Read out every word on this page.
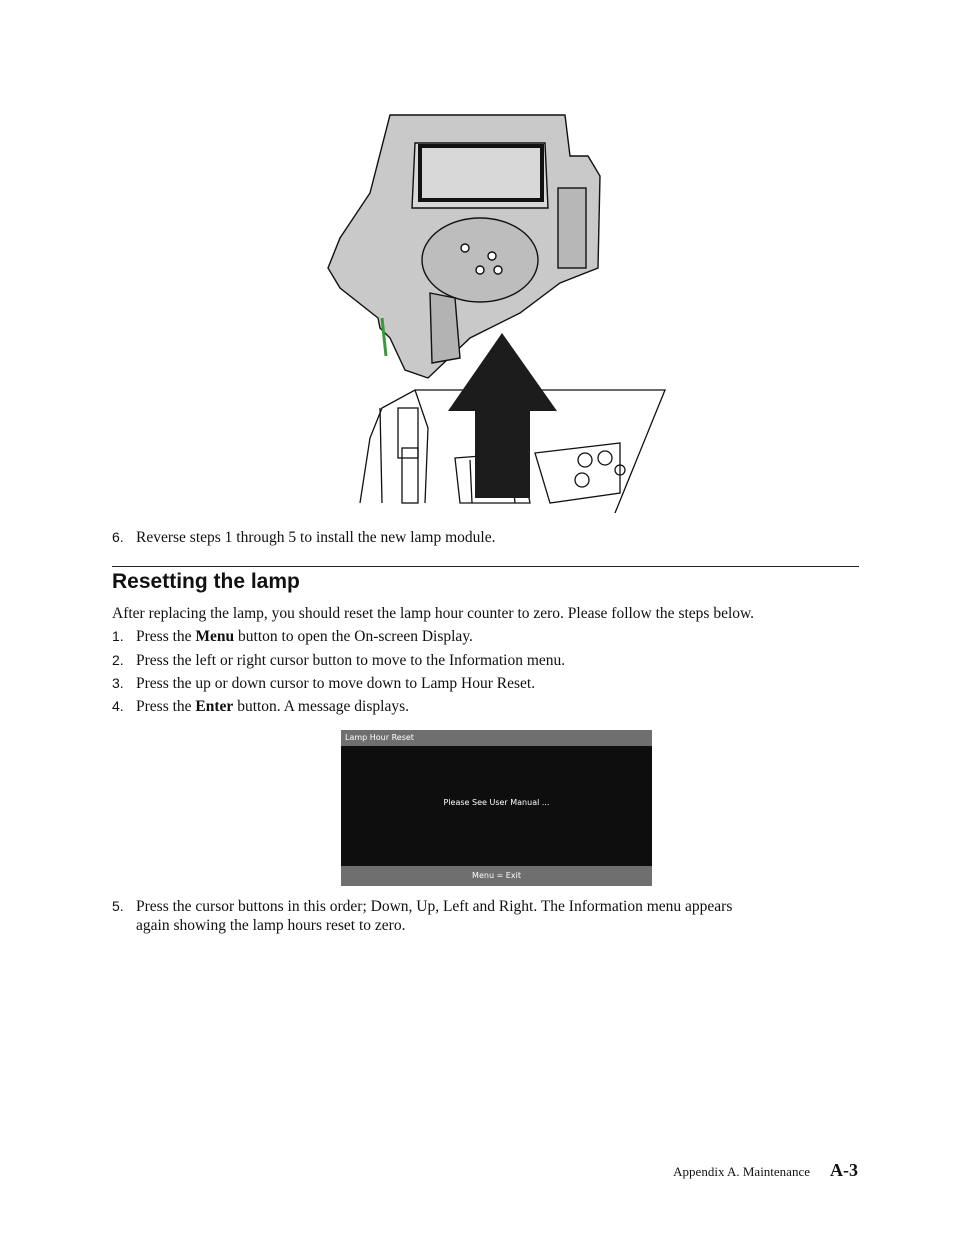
6. Reverse steps 1 through 5 to install the new lamp module.
Resetting the lamp

After replacing the lamp, you should reset the lamp hour counter to zero. Please follow the steps below.

1. Press the Menu button to open the On-screen Display.
2. Press the left or right cursor button to move to the Information menu.
3. Press the up or down cursor to move down to Lamp Hour Reset.
4. Press the Enter button. A message displays.
Lamp Hour Reset
Please See User Manual ...
Menu = Exit
5. Press the cursor buttons in this order; Down, Up, Left and Right. The Information menu appears
again showing the lamp hours reset to zero.
Appendix A. Maintenance A-3
